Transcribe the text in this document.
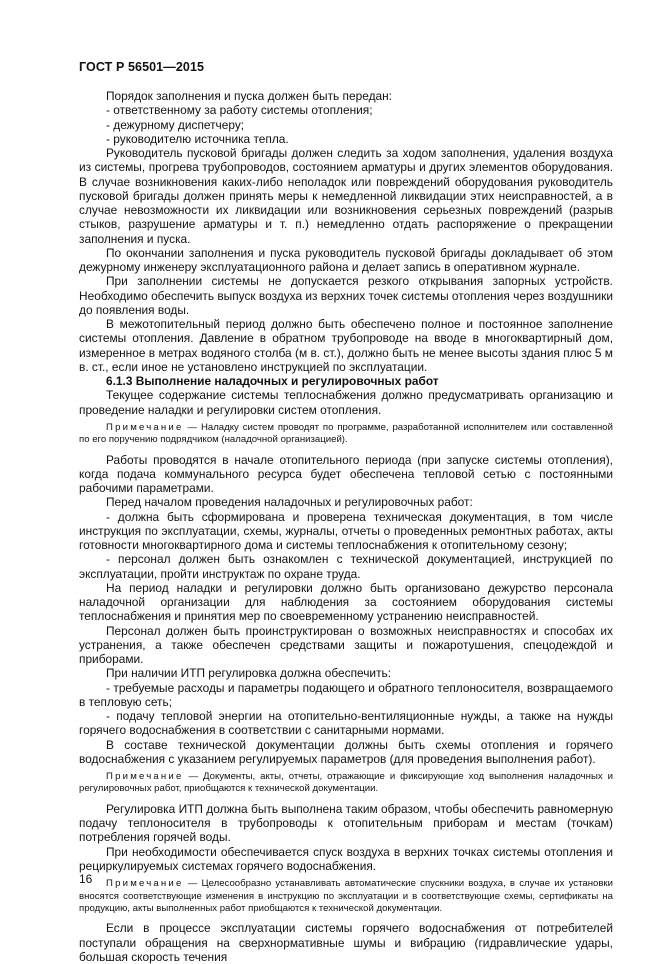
ГОСТ Р 56501—2015

Порядок заполнения и пуска должен быть передан:

- ответственному за работу системы отопления;

- дежурному диспетчеру;

- руководителю источника тепла.

Руководитель пусковой бригады должен следить за ходом заполнения, удаления воздуха из системы, прогрева трубопроводов, состоянием арматуры и других элементов оборудования. В случае возникновения каких-либо неполадок или повреждений оборудования руководитель пусковой бригады должен принять меры к немедленной ликвидации этих неисправностей, а в случае невозможности их ликвидации или возникновения серьезных повреждений (разрыв стыков, разрушение арматуры и т. п.) немедленно отдать распоряжение о прекращении заполнения и пуска.

По окончании заполнения и пуска руководитель пусковой бригады докладывает об этом дежурному инженеру эксплуатационного района и делает запись в оперативном журнале.

При заполнении системы не допускается резкого открывания запорных устройств. Необходимо обеспечить выпуск воздуха из верхних точек системы отопления через воздушники до появления воды.

В межотопительный период должно быть обеспечено полное и постоянное заполнение системы отопления. Давление в обратном трубопроводе на вводе в многоквартирный дом, измеренное в метрах водяного столба (м в. ст.), должно быть не менее высоты здания плюс 5 м в. ст., если иное не установлено инструкцией по эксплуатации.

6.1.3 Выполнение наладочных и регулировочных работ

Текущее содержание системы теплоснабжения должно предусматривать организацию и проведение наладки и регулировки систем отопления.

Примечание — Наладку систем проводят по программе, разработанной исполнителем или составленной по его поручению подрядчиком (наладочной организацией).

Работы проводятся в начале отопительного периода (при запуске системы отопления), когда подача коммунального ресурса будет обеспечена тепловой сетью с постоянными рабочими параметрами.

Перед началом проведения наладочных и регулировочных работ:

- должна быть сформирована и проверена техническая документация, в том числе инструкция по эксплуатации, схемы, журналы, отчеты о проведенных ремонтных работах, акты готовности многоквартирного дома и системы теплоснабжения к отопительному сезону;

- персонал должен быть ознакомлен с технической документацией, инструкцией по эксплуатации, пройти инструктаж по охране труда.

На период наладки и регулировки должно быть организовано дежурство персонала наладочной организации для наблюдения за состоянием оборудования системы теплоснабжения и принятия мер по своевременному устранению неисправностей.

Персонал должен быть проинструктирован о возможных неисправностях и способах их устранения, а также обеспечен средствами защиты и пожаротушения, спецодеждой и приборами.

При наличии ИТП регулировка должна обеспечить:

- требуемые расходы и параметры подающего и обратного теплоносителя, возвращаемого в тепловую сеть;

- подачу тепловой энергии на отопительно-вентиляционные нужды, а также на нужды горячего водоснабжения в соответствии с санитарными нормами.

В составе технической документации должны быть схемы отопления и горячего водоснабжения с указанием регулируемых параметров (для проведения выполнения работ).

Примечание — Документы, акты, отчеты, отражающие и фиксирующие ход выполнения наладочных и регулировочных работ, приобщаются к технической документации.

Регулировка ИТП должна быть выполнена таким образом, чтобы обеспечить равномерную подачу теплоносителя в трубопроводы к отопительным приборам и местам (точкам) потребления горячей воды.

При необходимости обеспечивается спуск воздуха в верхних точках системы отопления и рециркулируемых системах горячего водоснабжения.

Примечание — Целесообразно устанавливать автоматические спускники воздуха, в случае их установки вносятся соответствующие изменения в инструкцию по эксплуатации и в соответствующие схемы, сертификаты на продукцию, акты выполненных работ приобщаются к технической документации.

Если в процессе эксплуатации системы горячего водоснабжения от потребителей поступали обращения на сверхнормативные шумы и вибрацию (гидравлические удары, большая скорость течения

16
